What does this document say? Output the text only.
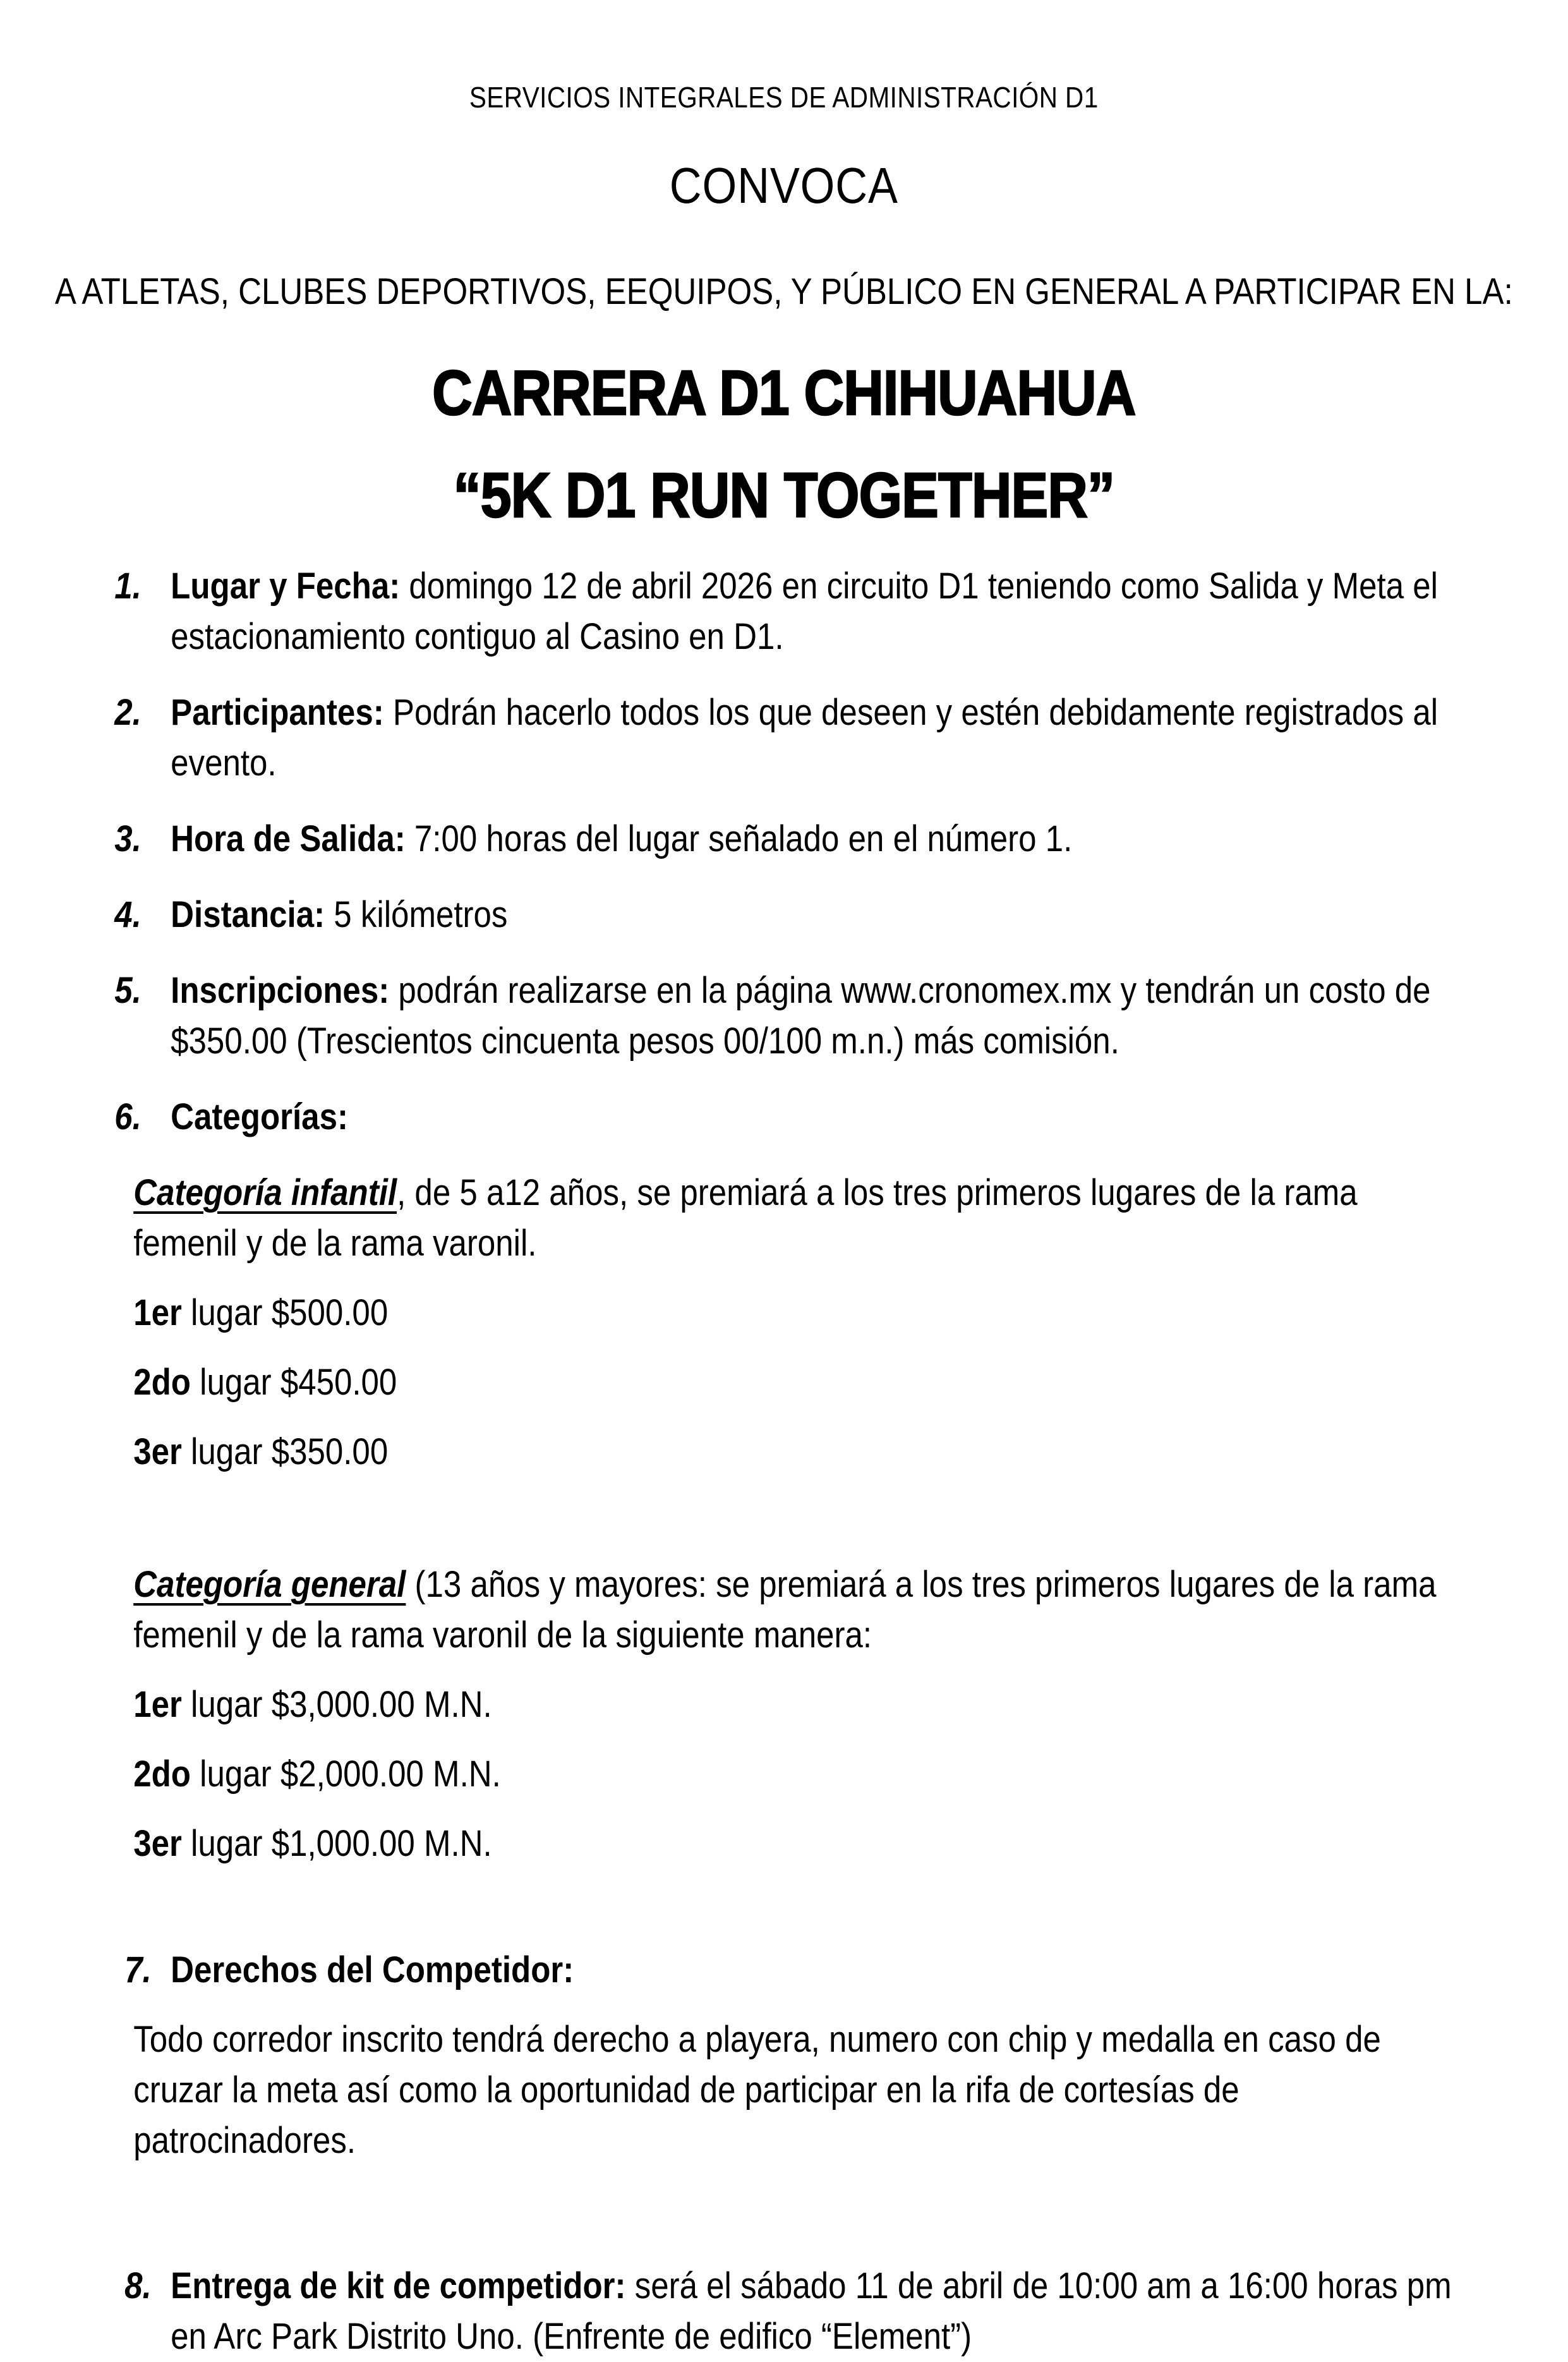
SERVICIOS INTEGRALES DE ADMINISTRACIÓN D1
CONVOCA
A ATLETAS, CLUBES DEPORTIVOS, EEQUIPOS, Y PÚBLICO EN GENERAL A PARTICIPAR EN LA:
CARRERA D1 CHIHUAHUA
“5K D1 RUN TOGETHER”
1. Lugar y Fecha: domingo 12 de abril 2026 en circuito D1 teniendo como Salida y Meta el estacionamiento contiguo al Casino en D1.
2. Participantes: Podrán hacerlo todos los que deseen y estén debidamente registrados al evento.
3. Hora de Salida: 7:00 horas del lugar señalado en el número 1.
4. Distancia: 5 kilómetros
5. Inscripciones: podrán realizarse en la página www.cronomex.mx y tendrán un costo de $350.00 (Trescientos cincuenta pesos 00/100 m.n.) más comisión.
6. Categorías:

Categoría infantil, de 5 a12 años, se premiará a los tres primeros lugares de la rama femenil y de la rama varonil.

1er lugar $500.00
2do lugar $450.00
3er lugar $350.00

Categoría general (13 años y mayores: se premiará a los tres primeros lugares de la rama femenil y de la rama varonil de la siguiente manera:

1er lugar $3,000.00 M.N.
2do lugar $2,000.00 M.N.
3er lugar $1,000.00 M.N.
7. Derechos del Competidor:

Todo corredor inscrito tendrá derecho a playera, numero con chip y medalla en caso de cruzar la meta así como la oportunidad de participar en la rifa de cortesías de patrocinadores.

8. Entrega de kit de competidor: será el sábado 11 de abril de 10:00 am a 16:00 horas pm en Arc Park Distrito Uno. (Enfrente de edifico “Element”)
